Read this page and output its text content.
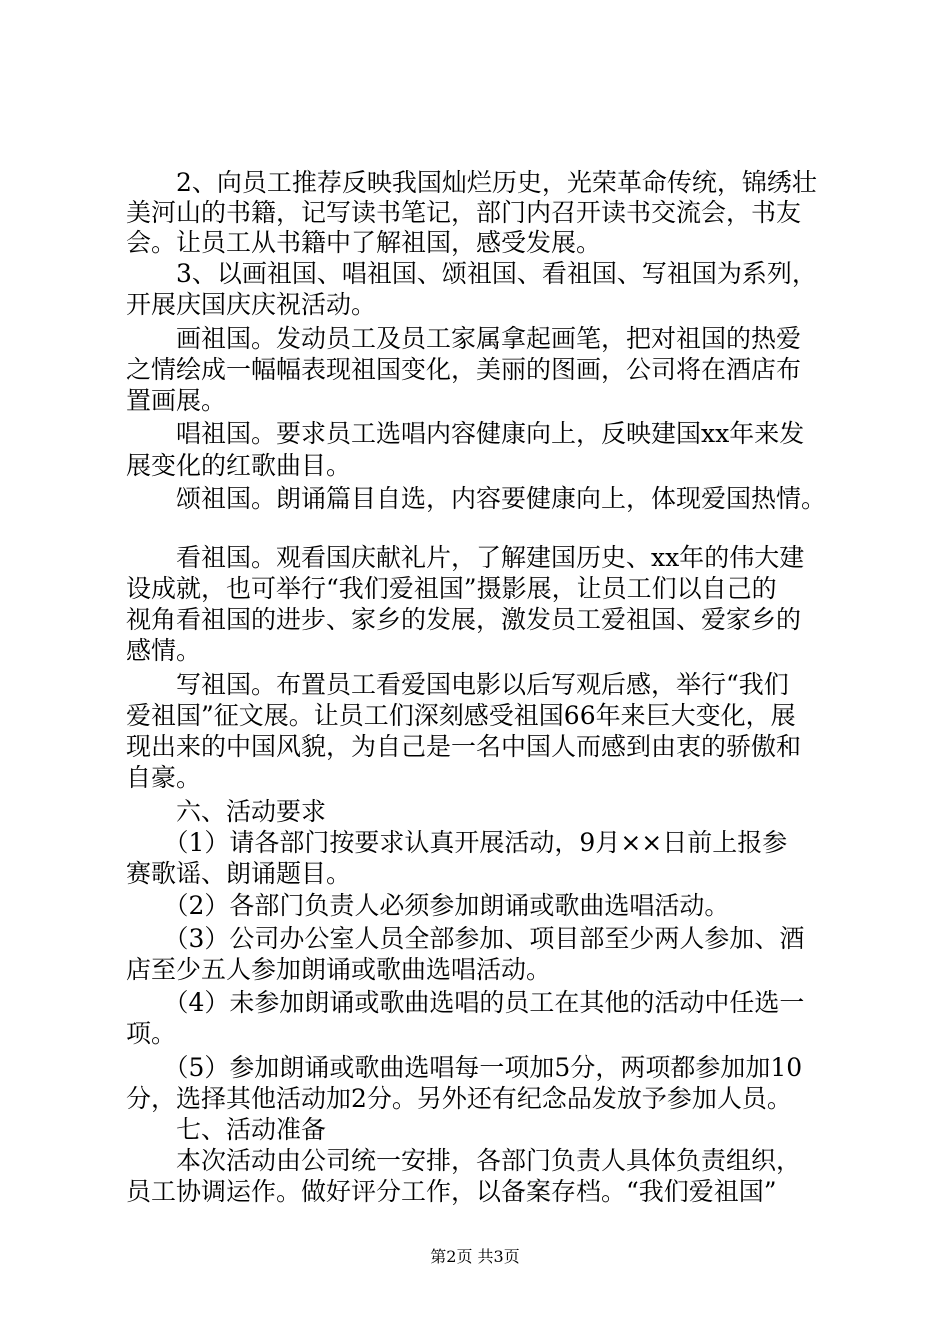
　　2、向员工推荐反映我国灿烂历史，光荣革命传统，锦绣壮
美河山的书籍，记写读书笔记，部门内召开读书交流会，书友
会。让员工从书籍中了解祖国，感受发展。
　　3、以画祖国、唱祖国、颂祖国、看祖国、写祖国为系列，
开展庆国庆庆祝活动。
　　画祖国。发动员工及员工家属拿起画笔，把对祖国的热爱
之情绘成一幅幅表现祖国变化，美丽的图画，公司将在酒店布
置画展。
　　唱祖国。要求员工选唱内容健康向上，反映建国xx年来发
展变化的红歌曲目。
　　颂祖国。朗诵篇目自选，内容要健康向上，体现爱国热情。
　　看祖国。观看国庆献礼片，了解建国历史、xx年的伟大建
设成就，也可举行“我们爱祖国”摄影展，让员工们以自己的
视角看祖国的进步、家乡的发展，激发员工爱祖国、爱家乡的
感情。
　　写祖国。布置员工看爱国电影以后写观后感，举行“我们
爱祖国”征文展。让员工们深刻感受祖国66年来巨大变化，展
现出来的中国风貌，为自己是一名中国人而感到由衷的骄傲和
自豪。
　　六、活动要求
　　（1）请各部门按要求认真开展活动，9月××日前上报参
赛歌谣、朗诵题目。
　　（2）各部门负责人必须参加朗诵或歌曲选唱活动。
　　（3）公司办公室人员全部参加、项目部至少两人参加、酒
店至少五人参加朗诵或歌曲选唱活动。
　　（4）未参加朗诵或歌曲选唱的员工在其他的活动中任选一
项。
　　（5）参加朗诵或歌曲选唱每一项加5分，两项都参加加10
分，选择其他活动加2分。另外还有纪念品发放予参加人员。
　　七、活动准备
　　本次活动由公司统一安排，各部门负责人具体负责组织，
员工协调运作。做好评分工作，以备案存档。“我们爱祖国”
第2页 共3页
